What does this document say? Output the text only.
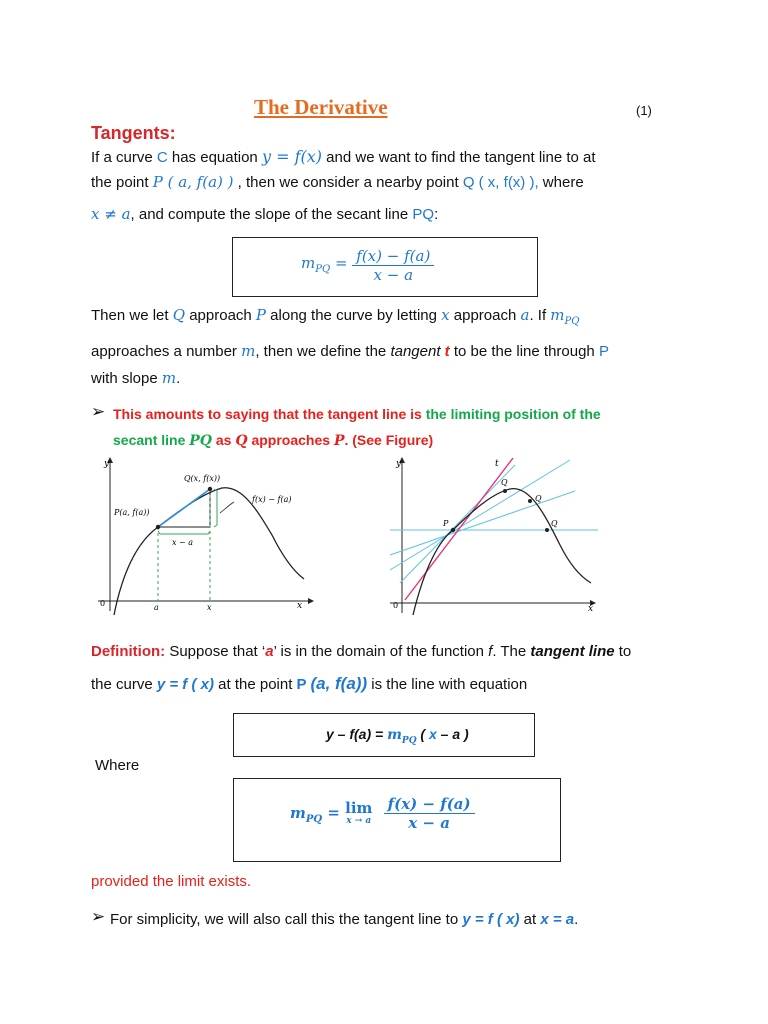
The Derivative	(1)
Tangents:
If a curve C has equation y = f(x) and we want to find the tangent line to at
the point P ( a, f(a) ) , then we consider a nearby point Q ( x, f(x) ), where
x ≠ a, and compute the slope of the secant line PQ:
$m_{PQ} = \frac{f(x) - f(a)}{x - a}$
Then we let Q approach P along the curve by letting x approach a. If $m_{PQ}$
approaches a number m, then we define the tangent t to be the line through P
with slope m.
➢ This amounts to saying that the tangent line is the limiting position of the
secant line PQ as Q approaches P. (See Figure)
y
x
0	a	x
Q(x, f(x))
P(a, f(a))
f(x) − f(a)
x − a
y
x
0
t
P
Q
Q
Q
Definition: Suppose that ‘a’ is in the domain of the function f. The tangent line to
the curve y = f ( x) at the point P (a, f(a)) is the line with equation
$y - f(a) = m_{PQ}$ ( x – a )
Where
$m_{PQ} = \lim$
x → a
$\frac{f(x) - f(a)}{x - a}$
provided the limit exists.
➢ For simplicity, we will also call this the tangent line to y = f ( x) at x = a.
